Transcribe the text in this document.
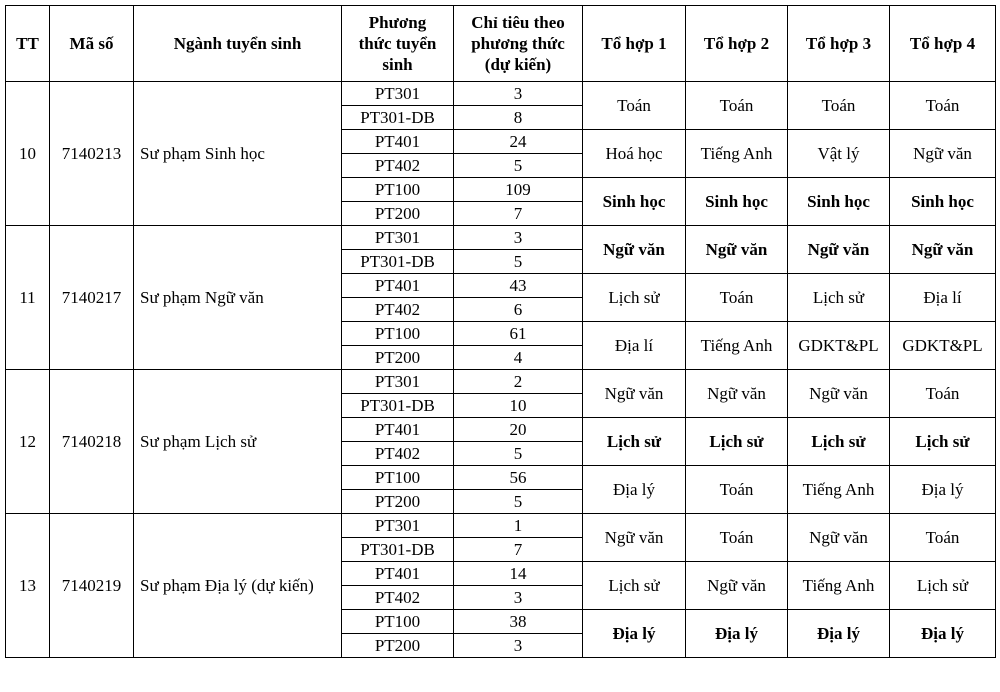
TT	Mã số	Ngành tuyển sinh	Phương thức tuyển sinh	Chỉ tiêu theo phương thức (dự kiến)	Tổ hợp 1	Tổ hợp 2	Tổ hợp 3	Tổ hợp 4
10	7140213	Sư phạm Sinh học	PT301	3	Toán	Toán	Toán	Toán
			PT301-DB	8				
			PT401	24	Hoá học	Tiếng Anh	Vật lý	Ngữ văn
			PT402	5				
			PT100	109	Sinh học	Sinh học	Sinh học	Sinh học
			PT200	7				
11	7140217	Sư phạm Ngữ văn	PT301	3	Ngữ văn	Ngữ văn	Ngữ văn	Ngữ văn
			PT301-DB	5				
			PT401	43	Lịch sử	Toán	Lịch sử	Địa lí
			PT402	6				
			PT100	61	Địa lí	Tiếng Anh	GDKT&PL	GDKT&PL
			PT200	4				
12	7140218	Sư phạm Lịch sử	PT301	2	Ngữ văn	Ngữ văn	Ngữ văn	Toán
			PT301-DB	10				
			PT401	20	Lịch sử	Lịch sử	Lịch sử	Lịch sử
			PT402	5				
			PT100	56	Địa lý	Toán	Tiếng Anh	Địa lý
			PT200	5				
13	7140219	Sư phạm Địa lý (dự kiến)	PT301	1	Ngữ văn	Toán	Ngữ văn	Toán
			PT301-DB	7				
			PT401	14	Lịch sử	Ngữ văn	Tiếng Anh	Lịch sử
			PT402	3				
			PT100	38	Địa lý	Địa lý	Địa lý	Địa lý
			PT200	3				
